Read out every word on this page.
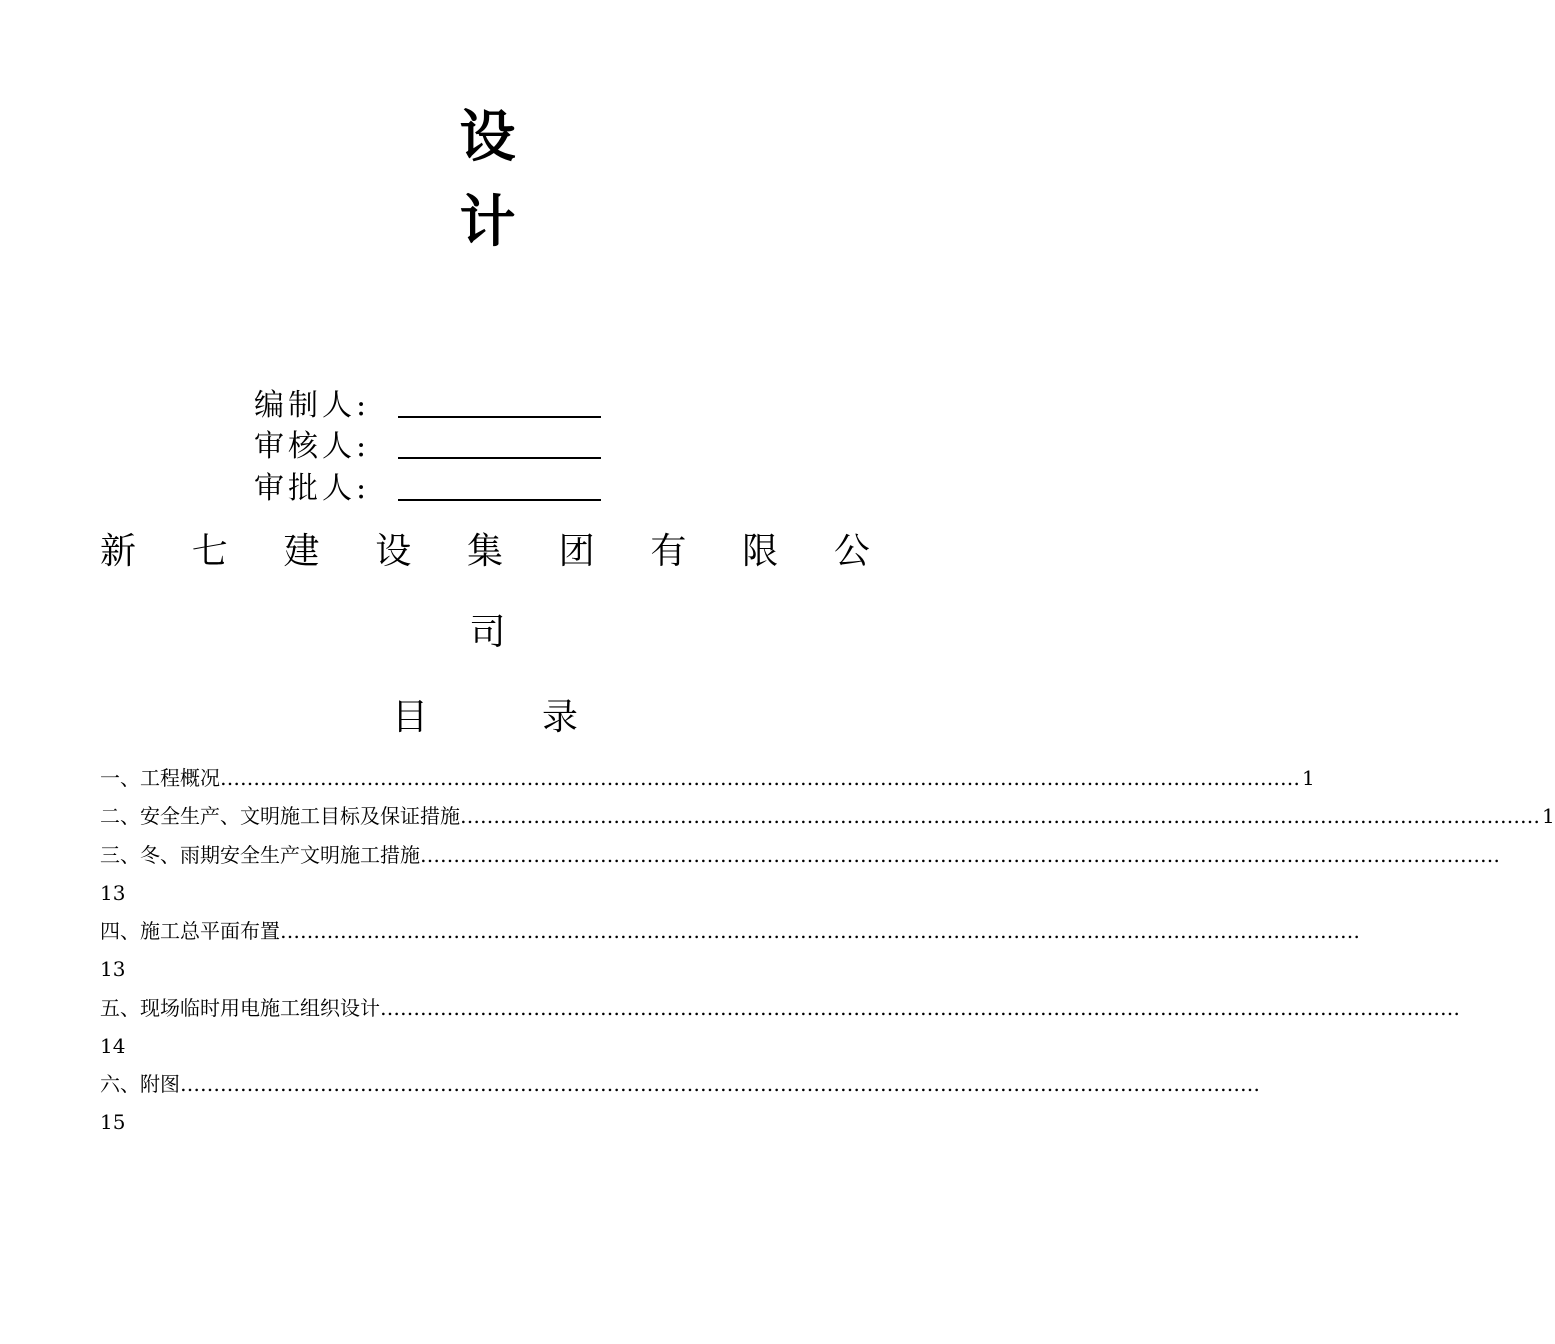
设
计
编制人:
审核人:
审批人:
新 七 建 设 集 团 有 限 公
司
目	录
一、工程概况 ……………………………………………………………………………………………………………………………………………… 1
二、安全生产、文明施工目标及保证措施 ……………………………………………………………………………………………………………………………………………… 1
三、冬、雨期安全生产文明施工措施 ………………………………………………………………………………………………………………………………………………
13
四、施工总平面布置 ………………………………………………………………………………………………………………………………………………
13
五、现场临时用电施工组织设计 ………………………………………………………………………………………………………………………………………………
14
六、附图 ………………………………………………………………………………………………………………………………………………
15
